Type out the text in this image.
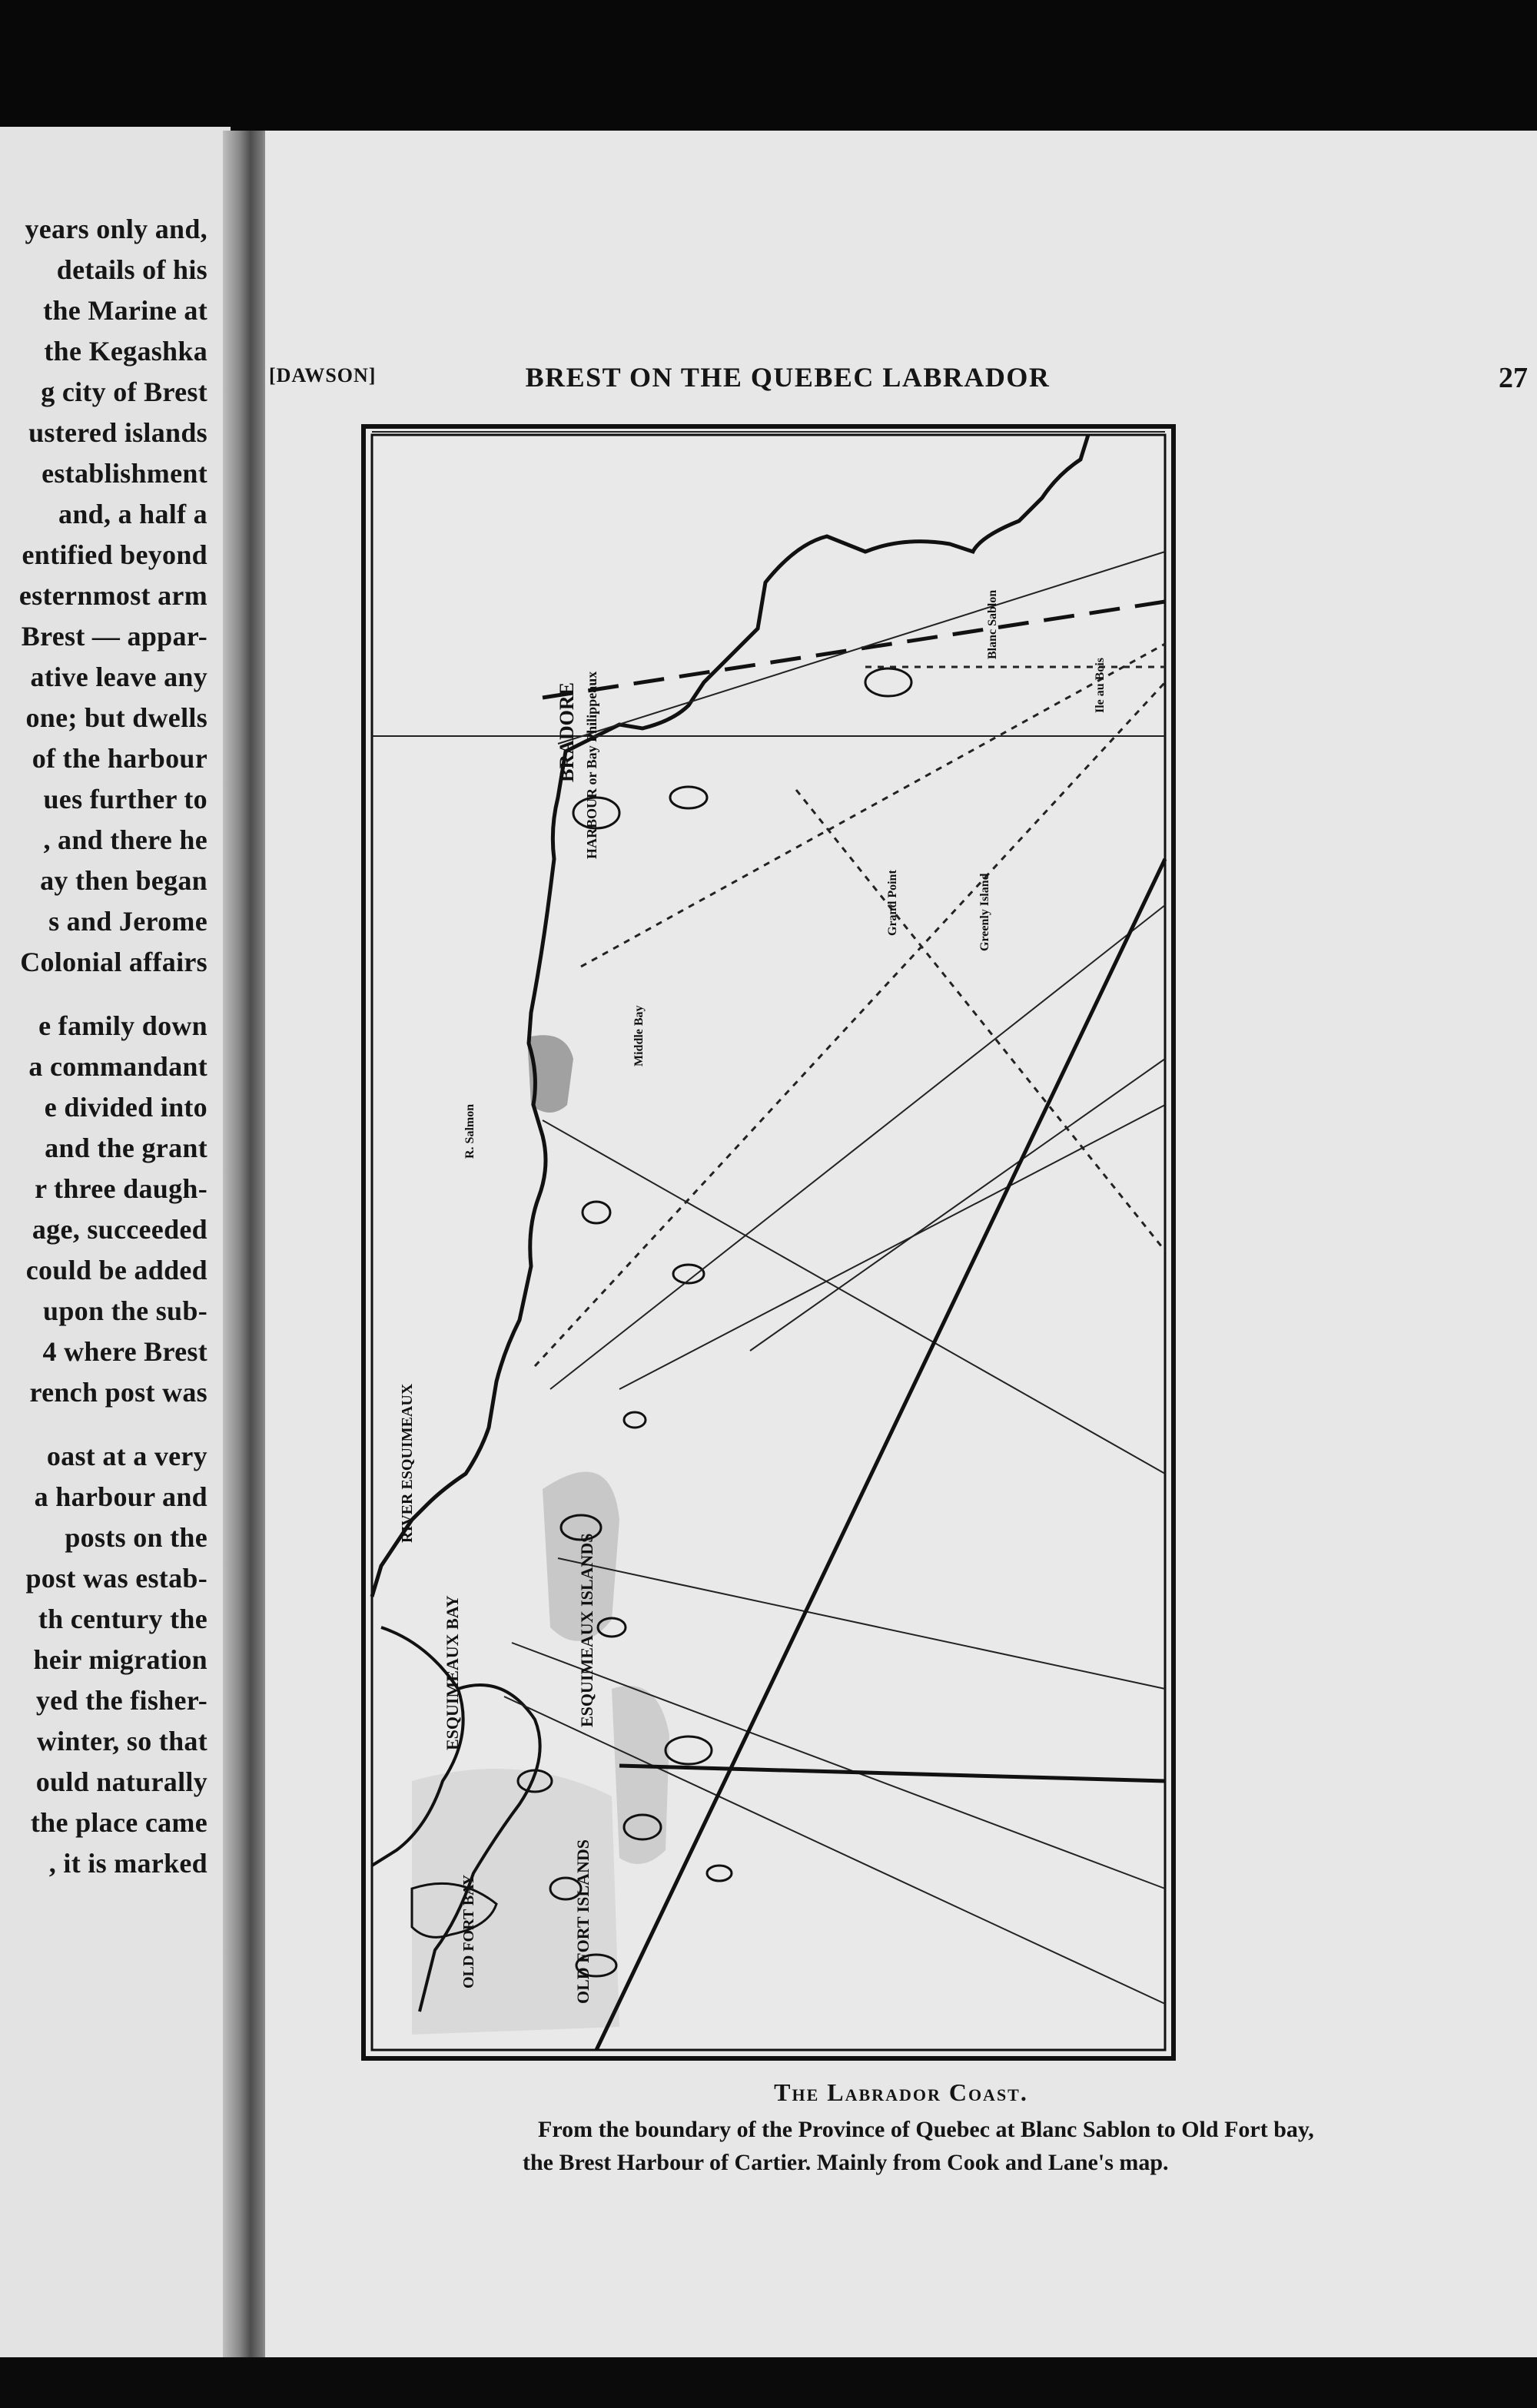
years only and,
details of his
the Marine at
the Kegashka
g city of Brest
ustered islands
establishment
and, a half a
entified beyond
esternmost arm
Brest — appar-
ative leave any
one; but dwells
of the harbour
ues further to
, and there he
ay then began
s and Jerome
Colonial affairs
e family down
a commandant
e divided into
and the grant
r three daugh-
age, succeeded
could be added
upon the sub-
4 where Brest
rench post was
oast at a very
a harbour and
posts on the
post was estab-
th century the
heir migration
yed the fisher-
winter, so that
ould naturally
the place came
, it is marked
[DAWSON]	BREST ON THE QUEBEC LABRADOR	27
BRADORE HARBOUR or Bay Philippeaux
Blanc Sablon
Ile au Bois
Grand Point	Greenly Island
Middle Bay
R. Salmon
RIVER ESQUIMEAUX
ESQUIMEAUX BAY	ESQUIMEAUX ISLANDS
OLD FORT BAY	OLD FORT ISLANDS
The Labrador Coast.
From the boundary of the Province of Quebec at Blanc Sablon to Old Fort bay,
the Brest Harbour of Cartier. Mainly from Cook and Lane's map.
